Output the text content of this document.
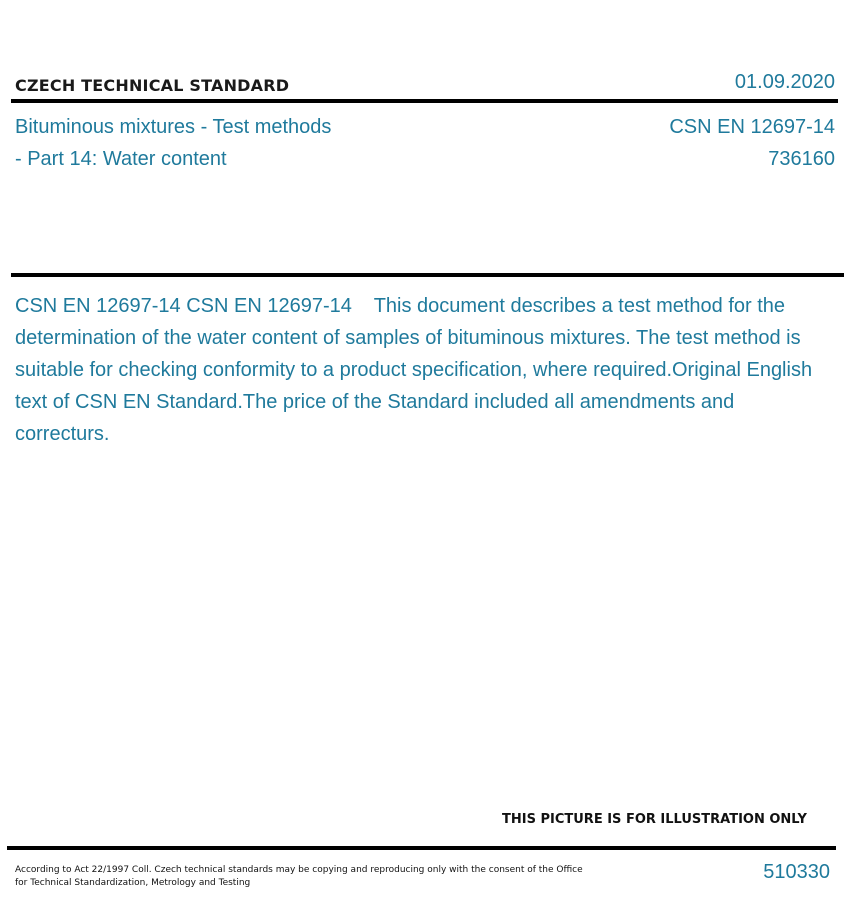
CZECH TECHNICAL STANDARD	01.09.2020
Bituminous mixtures - Test methods
- Part 14: Water content
CSN EN 12697-14
736160
CSN EN 12697-14 CSN EN 12697-14    This document describes a test method for the determination of the water content of samples of bituminous mixtures. The test method is suitable for checking conformity to a product specification, where required.Original English text of CSN EN Standard.The price of the Standard included all amendments and correcturs.
THIS PICTURE IS FOR ILLUSTRATION ONLY
According to Act 22/1997 Coll. Czech technical standards may be copying and reproducing only with the consent of the Office
for Technical Standardization, Metrology and Testing	510330
